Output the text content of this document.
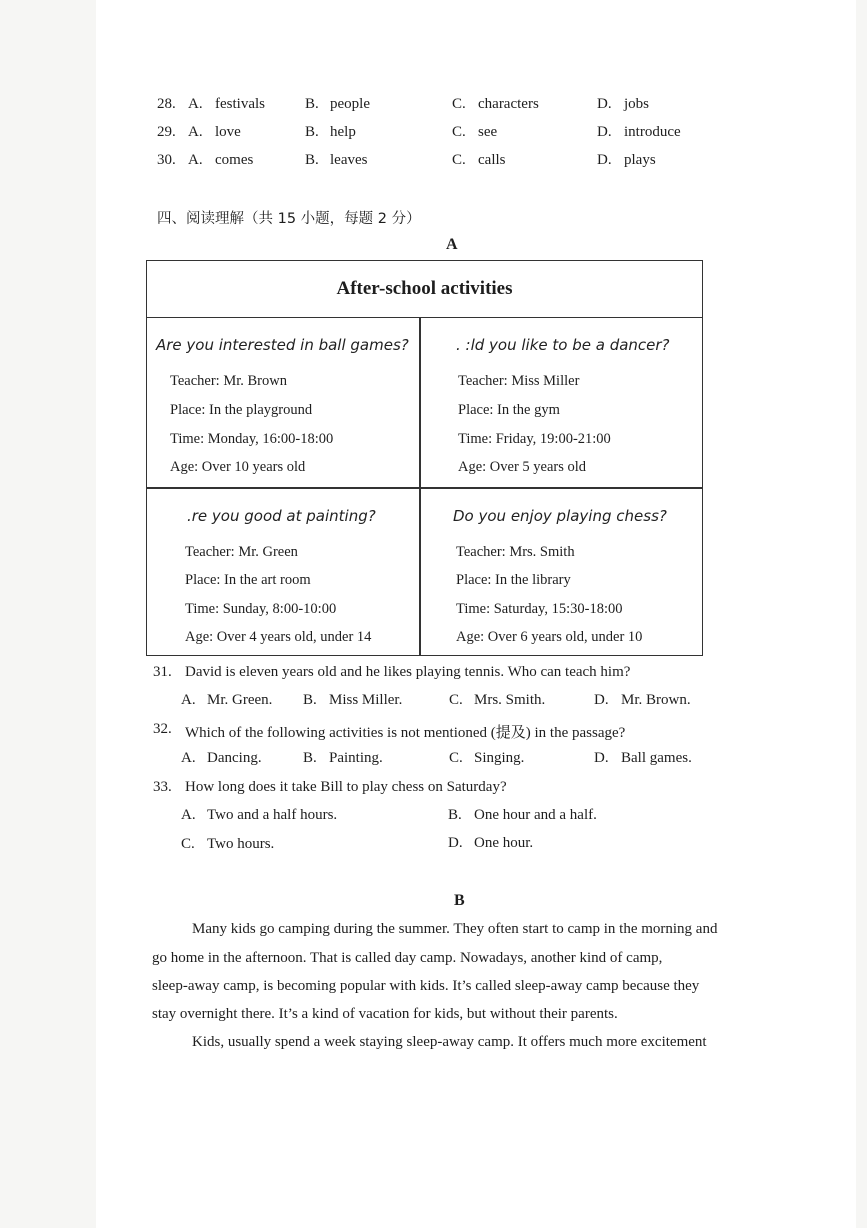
28. A. festivals	B. people	C. characters	D. jobs
29. A. love	B. help	C. see	D. introduce
30. A. comes	B. leaves	C. calls	D. plays
四、阅读理解（共 15 小题，每题 2 分）
A
After-school activities
Are you interested in ball games?
Teacher: Mr. Brown
Place: In the playground
Time: Monday, 16:00-18:00
Age: Over 10 years old
. :ld you like to be a dancer?
Teacher: Miss Miller
Place: In the gym
Time: Friday, 19:00-21:00
Age: Over 5 years old
.re you good at painting?
Teacher: Mr. Green
Place: In the art room
Time: Sunday, 8:00-10:00
Age: Over 4 years old, under 14
Do you enjoy playing chess?
Teacher: Mrs. Smith
Place: In the library
Time: Saturday, 15:30-18:00
Age: Over 6 years old, under 10
31. David is eleven years old and he likes playing tennis. Who can teach him?
A. Mr. Green. B. Miss Miller.	C. Mrs. Smith.	D. Mr. Brown.
32. Which of the following activities is not mentioned (提及) in the passage?
A. Dancing.	B. Painting.	C. Singing.	D. Ball games.
33. How long does it take Bill to play chess on Saturday?
A. Two and a half hours.	B. One hour and a half.
C. Two hours.	D. One hour.
B
Many kids go camping during the summer. They often start to camp in the morning and
go home in the afternoon. That is called day camp. Nowadays, another kind of camp,
sleep-away camp, is becoming popular with kids. It’s called sleep-away camp because they
stay overnight there. It’s a kind of vacation for kids, but without their parents.
Kids, usually spend a week staying sleep-away camp. It offers much more excitement
